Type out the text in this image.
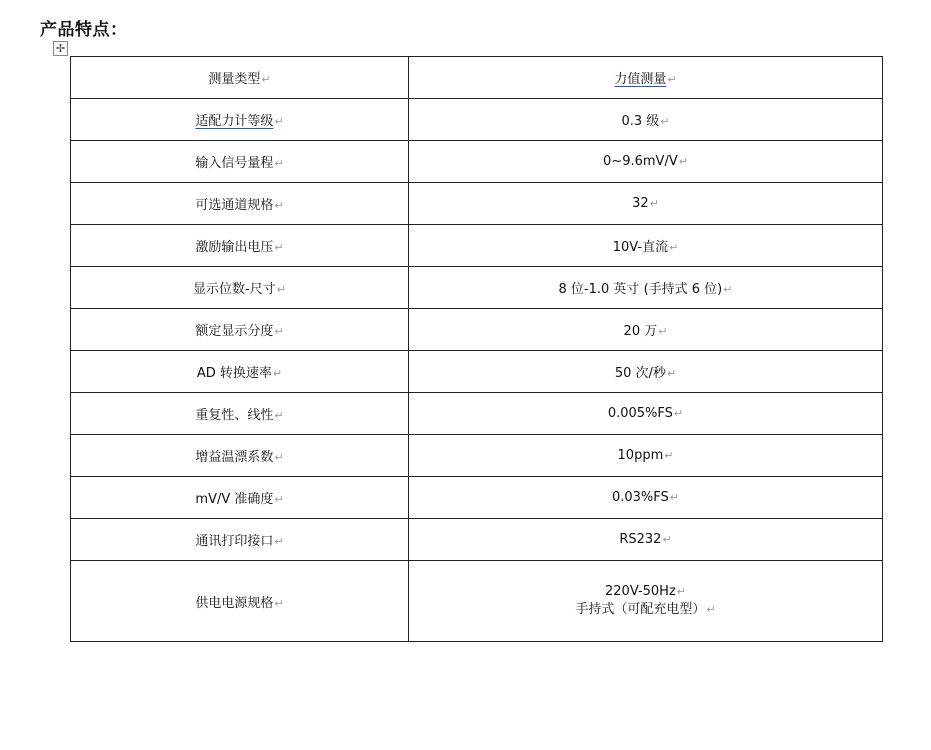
产品特点：
✢
测量类型↵	力值测量↵
适配力计等级↵	0.3 级↵
输入信号量程↵	0~9.6mV/V↵
可选通道规格↵	32↵
激励输出电压↵	10V-直流↵
显示位数-尺寸↵	8 位-1.0 英寸 (手持式 6 位)↵
额定显示分度↵	20 万↵
AD 转换速率↵	50 次/秒↵
重复性、线性↵	0.005%FS↵
增益温漂系数↵	10ppm↵
mV/V 准确度↵	0.03%FS↵
通讯打印接口↵	RS232↵
供电电源规格↵	220V-50Hz↵
手持式（可配充电型）↵
